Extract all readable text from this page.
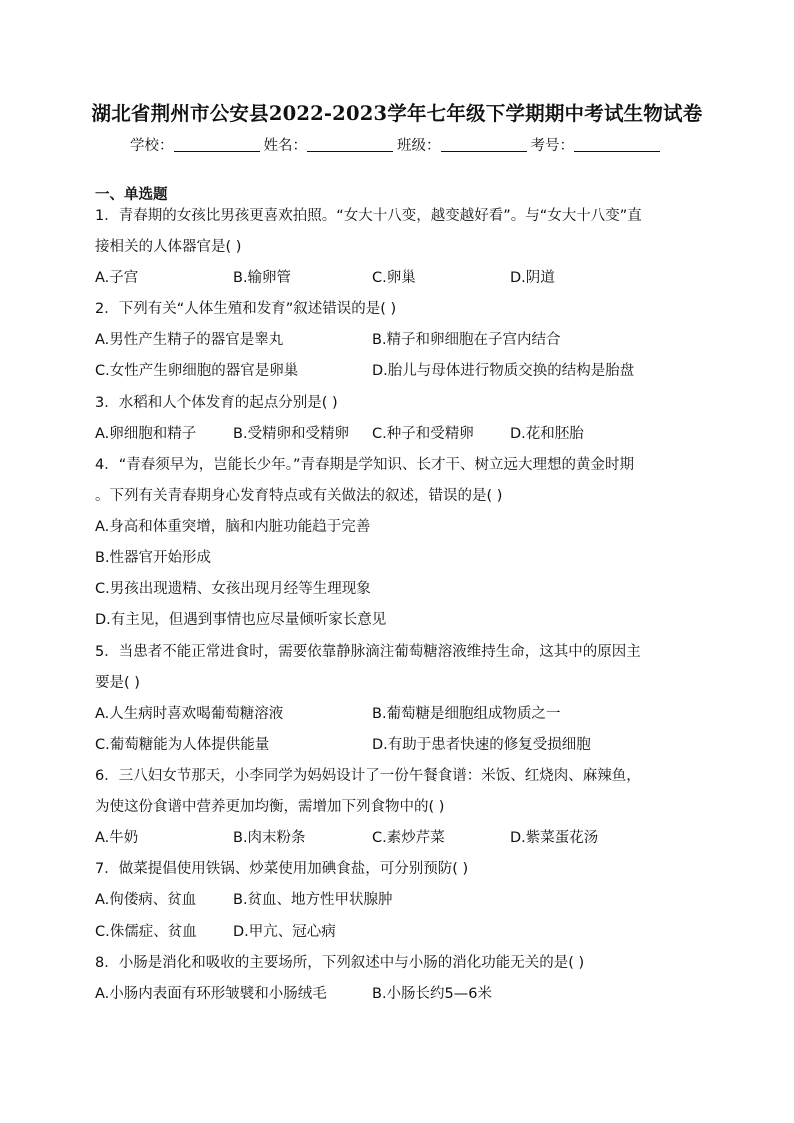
湖北省荆州市公安县2022-2023学年七年级下学期期中考试生物试卷
学校：	姓名：	班级：	考号：
一、单选题
1．青春期的女孩比男孩更喜欢拍照。“女大十八变，越变越好看”。与“女大十八变”直
接相关的人体器官是( )
A.子宫	B.输卵管	C.卵巢	D.阴道
2．下列有关“人体生殖和发育”叙述错误的是( )
A.男性产生精子的器官是睾丸	B.精子和卵细胞在子宫内结合
C.女性产生卵细胞的器官是卵巢	D.胎儿与母体进行物质交换的结构是胎盘
3．水稻和人个体发育的起点分别是( )
A.卵细胞和精子	B.受精卵和受精卵 C.种子和受精卵	D.花和胚胎
4．“青春须早为，岂能长少年。”青春期是学知识、长才干、树立远大理想的黄金时期
。下列有关青春期身心发育特点或有关做法的叙述，错误的是( )
A.身高和体重突增，脑和内脏功能趋于完善
B.性器官开始形成
C.男孩出现遗精、女孩出现月经等生理现象
D.有主见，但遇到事情也应尽量倾听家长意见
5．当患者不能正常进食时，需要依靠静脉滴注葡萄糖溶液维持生命，这其中的原因主
要是( )
A.人生病时喜欢喝葡萄糖溶液	B.葡萄糖是细胞组成物质之一
C.葡萄糖能为人体提供能量	D.有助于患者快速的修复受损细胞
6．三八妇女节那天，小李同学为妈妈设计了一份午餐食谱：米饭、红烧肉、麻辣鱼，
为使这份食谱中营养更加均衡，需增加下列食物中的( )
A.牛奶	B.肉末粉条	C.素炒芹菜	D.紫菜蛋花汤
7．做菜提倡使用铁锅、炒菜使用加碘食盐，可分别预防( )
A.佝偻病、贫血	B.贫血、地方性甲状腺肿
C.侏儒症、贫血	D.甲亢、冠心病
8．小肠是消化和吸收的主要场所，下列叙述中与小肠的消化功能无关的是( )
A.小肠内表面有环形皱襞和小肠绒毛	B.小肠长约5—6米
